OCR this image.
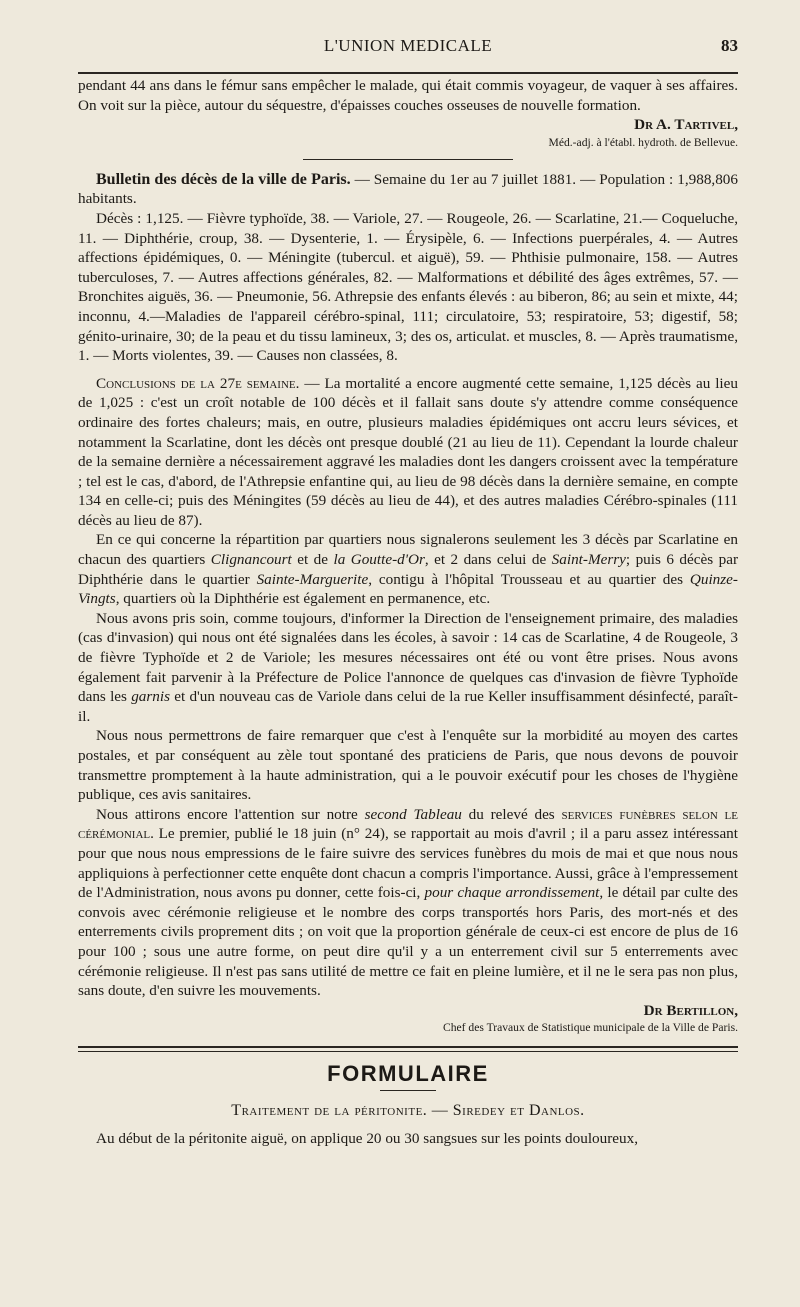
L'UNION MEDICALE	83

pendant 44 ans dans le fémur sans empêcher le malade, qui était commis voyageur, de vaquer à ses affaires. On voit sur la pièce, autour du séquestre, d'épaisses couches osseuses de nouvelle formation.

Dr A. Tartivel,

Méd.-adj. à l'établ. hydroth. de Bellevue.

Bulletin des décès de la ville de Paris. — Semaine du 1er au 7 juillet 1881. — Population : 1,988,806 habitants.

Décès : 1,125. — Fièvre typhoïde, 38. — Variole, 27. — Rougeole, 26. — Scarlatine, 21.— Coqueluche, 11. — Diphthérie, croup, 38. — Dysenterie, 1. — Érysipèle, 6. — Infections puerpérales, 4. — Autres affections épidémiques, 0. — Méningite (tubercul. et aiguë), 59. — Phthisie pulmonaire, 158. — Autres tuberculoses, 7. — Autres affections générales, 82. — Malformations et débilité des âges extrêmes, 57. — Bronchites aiguës, 36. — Pneumonie, 56. Athrepsie des enfants élevés : au biberon, 86; au sein et mixte, 44; inconnu, 4.—Maladies de l'appareil cérébro-spinal, 111; circulatoire, 53; respiratoire, 53; digestif, 58; génito-urinaire, 30; de la peau et du tissu lamineux, 3; des os, articulat. et muscles, 8. — Après traumatisme, 1. — Morts violentes, 39. — Causes non classées, 8.

Conclusions de la 27e semaine. — La mortalité a encore augmenté cette semaine, 1,125 décès au lieu de 1,025 : c'est un croît notable de 100 décès et il fallait sans doute s'y attendre comme conséquence ordinaire des fortes chaleurs; mais, en outre, plusieurs maladies épidémiques ont accru leurs sévices, et notamment la Scarlatine, dont les décès ont presque doublé (21 au lieu de 11). Cependant la lourde chaleur de la semaine dernière a nécessairement aggravé les maladies dont les dangers croissent avec la température ; tel est le cas, d'abord, de l'Athrepsie enfantine qui, au lieu de 98 décès dans la dernière semaine, en compte 134 en celle-ci; puis des Méningites (59 décès au lieu de 44), et des autres maladies Cérébro-spinales (111 décès au lieu de 87).

En ce qui concerne la répartition par quartiers nous signalerons seulement les 3 décès par Scarlatine en chacun des quartiers Clignancourt et de la Goutte-d'Or, et 2 dans celui de Saint-Merry; puis 6 décès par Diphthérie dans le quartier Sainte-Marguerite, contigu à l'hôpital Trousseau et au quartier des Quinze-Vingts, quartiers où la Diphthérie est également en permanence, etc.

Nous avons pris soin, comme toujours, d'informer la Direction de l'enseignement primaire, des maladies (cas d'invasion) qui nous ont été signalées dans les écoles, à savoir : 14 cas de Scarlatine, 4 de Rougeole, 3 de fièvre Typhoïde et 2 de Variole; les mesures nécessaires ont été ou vont être prises. Nous avons également fait parvenir à la Préfecture de Police l'annonce de quelques cas d'invasion de fièvre Typhoïde dans les garnis et d'un nouveau cas de Variole dans celui de la rue Keller insuffisamment désinfecté, paraît-il.

Nous nous permettrons de faire remarquer que c'est à l'enquête sur la morbidité au moyen des cartes postales, et par conséquent au zèle tout spontané des praticiens de Paris, que nous devons de pouvoir transmettre promptement à la haute administration, qui a le pouvoir exécutif pour les choses de l'hygiène publique, ces avis sanitaires.

Nous attirons encore l'attention sur notre second Tableau du relevé des services funèbres selon le cérémonial. Le premier, publié le 18 juin (n° 24), se rapportait au mois d'avril ; il a paru assez intéressant pour que nous nous empressions de le faire suivre des services funèbres du mois de mai et que nous nous appliquions à perfectionner cette enquête dont chacun a compris l'importance. Aussi, grâce à l'empressement de l'Administration, nous avons pu donner, cette fois-ci, pour chaque arrondissement, le détail par culte des convois avec cérémonie religieuse et le nombre des corps transportés hors Paris, des mort-nés et des enterrements civils proprement dits ; on voit que la proportion générale de ceux-ci est encore de plus de 16 pour 100 ; sous une autre forme, on peut dire qu'il y a un enterrement civil sur 5 enterrements avec cérémonie religieuse. Il n'est pas sans utilité de mettre ce fait en pleine lumière, et il ne le sera pas non plus, sans doute, d'en suivre les mouvements.

Dr Bertillon,

Chef des Travaux de Statistique municipale de la Ville de Paris.

FORMULAIRE
Traitement de la péritonite. — Siredey et Danlos.

Au début de la péritonite aiguë, on applique 20 ou 30 sangsues sur les points douloureux,
